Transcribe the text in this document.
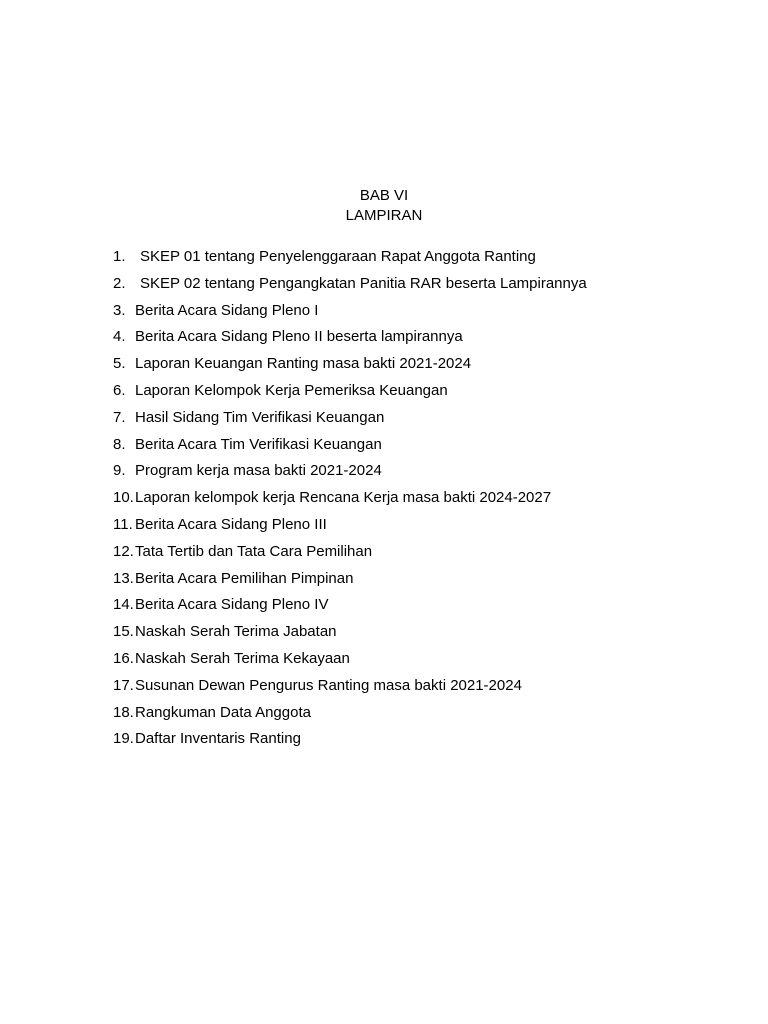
BAB VI
LAMPIRAN
1. SKEP 01 tentang Penyelenggaraan Rapat Anggota Ranting
2. SKEP 02 tentang Pengangkatan Panitia RAR beserta Lampirannya
3. Berita Acara Sidang Pleno I
4. Berita Acara Sidang Pleno II beserta lampirannya
5. Laporan Keuangan Ranting masa bakti 2021-2024
6. Laporan Kelompok Kerja Pemeriksa Keuangan
7. Hasil Sidang Tim Verifikasi Keuangan
8. Berita Acara Tim Verifikasi Keuangan
9. Program kerja masa bakti 2021-2024
10. Laporan kelompok kerja Rencana Kerja masa bakti 2024-2027
11. Berita Acara Sidang Pleno III
12. Tata Tertib dan Tata Cara Pemilihan
13. Berita Acara Pemilihan Pimpinan
14. Berita Acara Sidang Pleno IV
15. Naskah Serah Terima Jabatan
16. Naskah Serah Terima Kekayaan
17. Susunan Dewan Pengurus Ranting masa bakti 2021-2024
18. Rangkuman Data Anggota
19. Daftar Inventaris Ranting
